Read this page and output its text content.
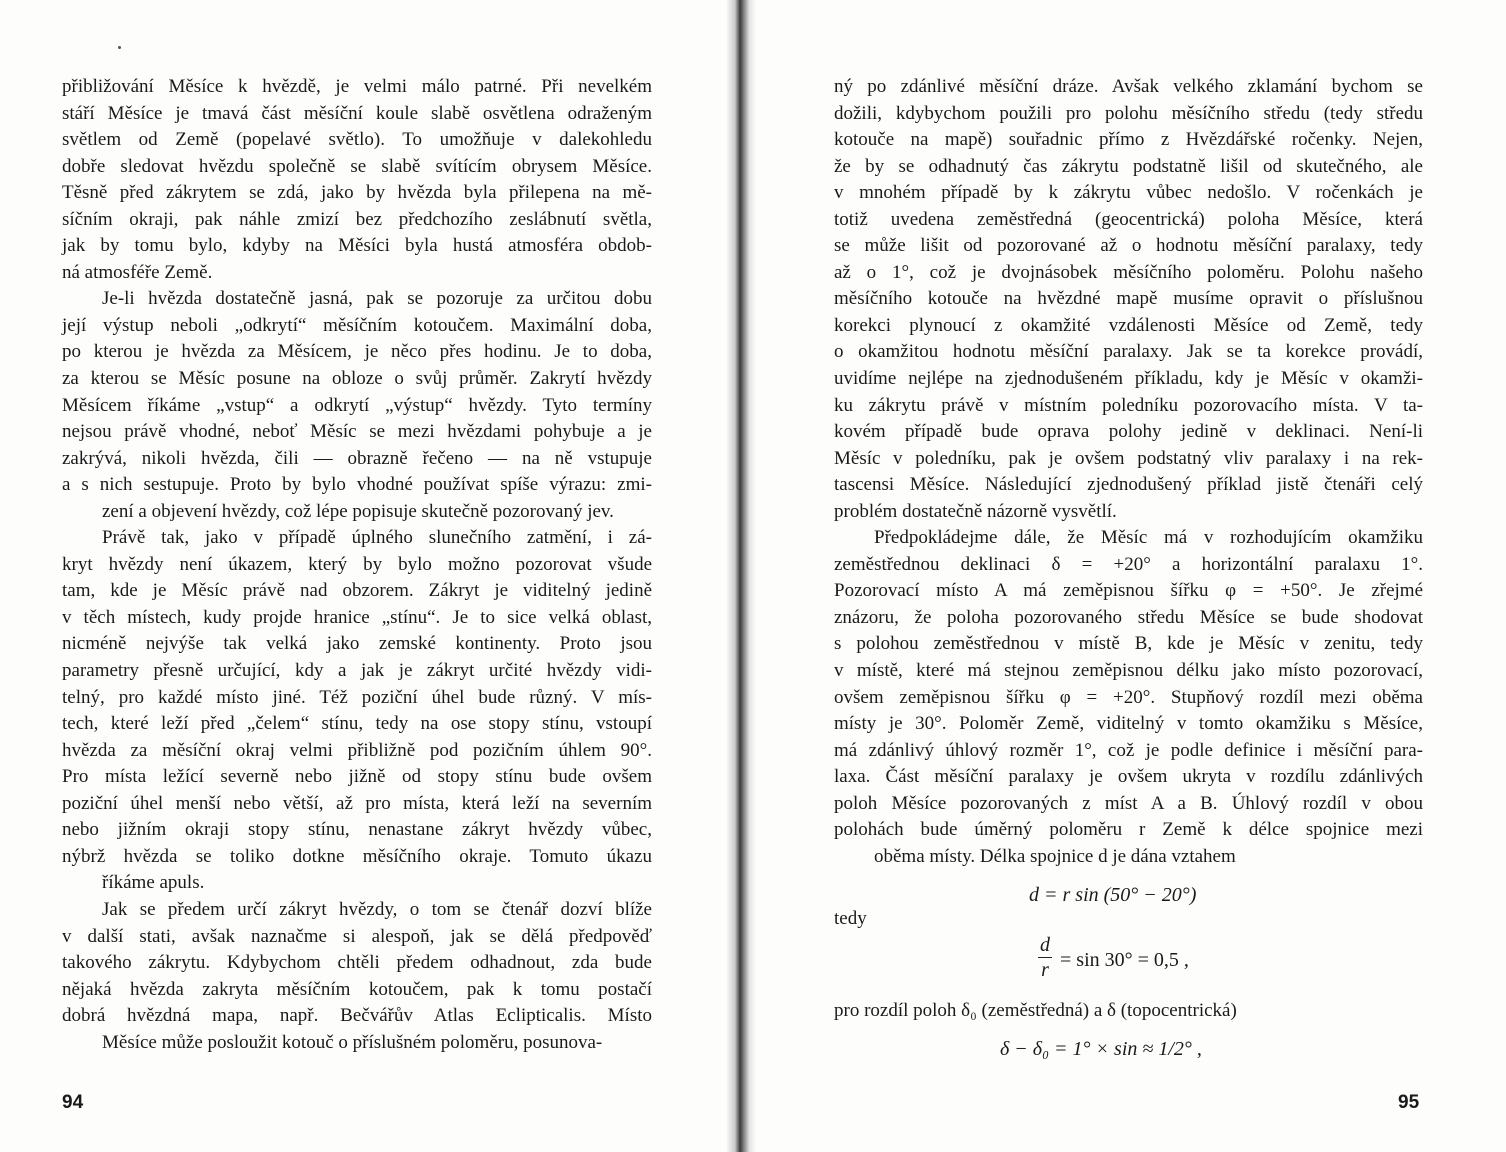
přibližování Měsíce k hvězdě, je velmi málo patrné. Při nevelkém
stáří Měsíce je tmavá část měsíční koule slabě osvětlena odraženým
světlem od Země (popelavé světlo). To umožňuje v dalekohledu
dobře sledovat hvězdu společně se slabě svítícím obrysem Měsíce.
Těsně před zákrytem se zdá, jako by hvězda byla přilepena na mě-
síčním okraji, pak náhle zmizí bez předchozího zeslábnutí světla,
jak by tomu bylo, kdyby na Měsíci byla hustá atmosféra obdob-
ná atmosféře Země.

Je-li hvězda dostatečně jasná, pak se pozoruje za určitou dobu
její výstup neboli „odkrytí“ měsíčním kotoučem. Maximální doba,
po kterou je hvězda za Měsícem, je něco přes hodinu. Je to doba,
za kterou se Měsíc posune na obloze o svůj průměr. Zakrytí hvězdy
Měsícem říkáme „vstup“ a odkrytí „výstup“ hvězdy. Tyto termíny
nejsou právě vhodné, neboť Měsíc se mezi hvězdami pohybuje a je
zakrývá, nikoli hvězda, čili — obrazně řečeno — na ně vstupuje
a s nich sestupuje. Proto by bylo vhodné používat spíše výrazu: zmi-
zení a objevení hvězdy, což lépe popisuje skutečně pozorovaný jev.

Právě tak, jako v případě úplného slunečního zatmění, i zá-
kryt hvězdy není úkazem, který by bylo možno pozorovat všude
tam, kde je Měsíc právě nad obzorem. Zákryt je viditelný jedině
v těch místech, kudy projde hranice „stínu“. Je to sice velká oblast,
nicméně nejvýše tak velká jako zemské kontinenty. Proto jsou
parametry přesně určující, kdy a jak je zákryt určité hvězdy vidi-
telný, pro každé místo jiné. Též poziční úhel bude různý. V mís-
tech, které leží před „čelem“ stínu, tedy na ose stopy stínu, vstoupí
hvězda za měsíční okraj velmi přibližně pod pozičním úhlem 90°.
Pro místa ležící severně nebo jižně od stopy stínu bude ovšem
poziční úhel menší nebo větší, až pro místa, která leží na severním
nebo jižním okraji stopy stínu, nenastane zákryt hvězdy vůbec,
nýbrž hvězda se toliko dotkne měsíčního okraje. Tomuto úkazu
říkáme apuls.

Jak se předem určí zákryt hvězdy, o tom se čtenář dozví blíže
v další stati, avšak naznačme si alespoň, jak se dělá předpověď
takového zákrytu. Kdybychom chtěli předem odhadnout, zda bude
nějaká hvězda zakryta měsíčním kotoučem, pak k tomu postačí
dobrá hvězdná mapa, např. Bečvářův Atlas Eclipticalis. Místo
Měsíce může posloužit kotouč o příslušném poloměru, posunova-

ný po zdánlivé měsíční dráze. Avšak velkého zklamání bychom se
dožili, kdybychom použili pro polohu měsíčního středu (tedy středu
kotouče na mapě) souřadnic přímo z Hvězdářské ročenky. Nejen,
že by se odhadnutý čas zákrytu podstatně lišil od skutečného, ale
v mnohém případě by k zákrytu vůbec nedošlo. V ročenkách je
totiž uvedena zeměstředná (geocentrická) poloha Měsíce, která
se může lišit od pozorované až o hodnotu měsíční paralaxy, tedy
až o 1°, což je dvojnásobek měsíčního poloměru. Polohu našeho
měsíčního kotouče na hvězdné mapě musíme opravit o příslušnou
korekci plynoucí z okamžité vzdálenosti Měsíce od Země, tedy
o okamžitou hodnotu měsíční paralaxy. Jak se ta korekce provádí,
uvidíme nejlépe na zjednodušeném příkladu, kdy je Měsíc v okamži-
ku zákrytu právě v místním poledníku pozorovacího místa. V ta-
kovém případě bude oprava polohy jedině v deklinaci. Není-li
Měsíc v poledníku, pak je ovšem podstatný vliv paralaxy i na rek-
tascensi Měsíce. Následující zjednodušený příklad jistě čtenáři celý
problém dostatečně názorně vysvětlí.

Předpokládejme dále, že Měsíc má v rozhodujícím okamžiku
zeměstřednou deklinaci δ = +20° a horizontální paralaxu 1°.
Pozorovací místo A má zeměpisnou šířku φ = +50°. Je zřejmé
znázoru, že poloha pozorovaného středu Měsíce se bude shodovat
s polohou zeměstřednou v místě B, kde je Měsíc v zenitu, tedy
v místě, které má stejnou zeměpisnou délku jako místo pozorovací,
ovšem zeměpisnou šířku φ = +20°. Stupňový rozdíl mezi oběma
místy je 30°. Poloměr Země, viditelný v tomto okamžiku s Měsíce,
má zdánlivý úhlový rozměr 1°, což je podle definice i měsíční para-
laxa. Část měsíční paralaxy je ovšem ukryta v rozdílu zdánlivých
poloh Měsíce pozorovaných z míst A a B. Úhlový rozdíl v obou
polohách bude úměrný poloměru r Země k délce spojnice mezi
oběma místy. Délka spojnice d je dána vztahem

d = r sin (50° − 20°)
tedy
d
r = sin 30° = 0,5 ,
pro rozdíl poloh δ₀ (zeměstředná) a δ (topocentrická)
δ − δ₀ = 1° × sin ≈ 1/2° ,
94	95
